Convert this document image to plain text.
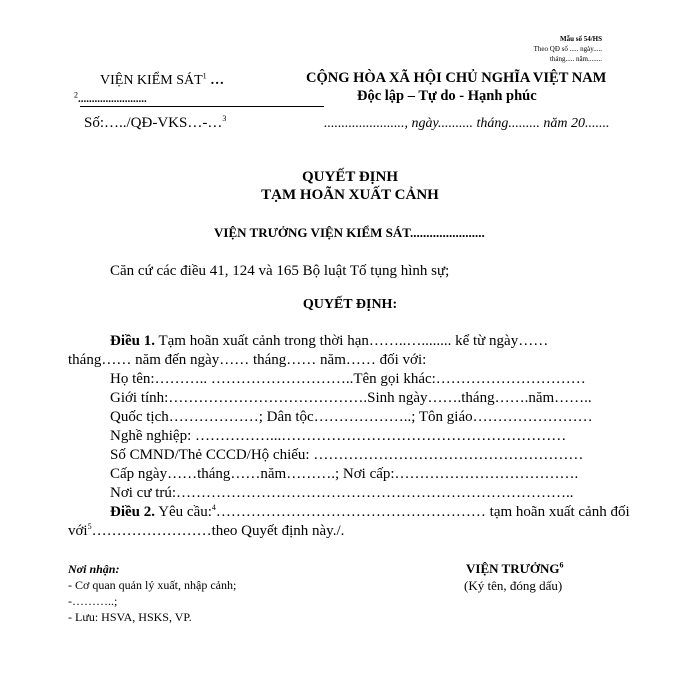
Mẫu số 54/HS
Theo QĐ số ..... ngày.....
tháng..... năm........
VIỆN KIỂM SÁT$^1$ …
$^2$.........................
Số:…../QĐ-VKS…-…$^3$
CỘNG HÒA XÃ HỘI CHỦ NGHĨA VIỆT NAM
Độc lập – Tự do - Hạnh phúc
......................., ngày.......... tháng......... năm 20.......
QUYẾT ĐỊNH
TẠM HOÃN XUẤT CẢNH
VIỆN TRƯỞNG VIỆN KIỂM SÁT.......................
Căn cứ các điều 41, 124 và 165 Bộ luật Tố tụng hình sự;
QUYẾT ĐỊNH:
Điều 1. Tạm hoãn xuất cảnh trong thời hạn……..…........ kể từ ngày……
tháng…… năm đến ngày…… tháng…… năm…… đối với:
Họ tên:……….. ………………………..Tên gọi khác:…………………………
Giới tính:………………………………….Sinh ngày…….tháng…….năm……..
Quốc tịch………………; Dân tộc………………..; Tôn giáo……………………
Nghề nghiệp: ……………...…………………………………………………
Số CMND/Thẻ CCCD/Hộ chiếu: ………………………………………………
Cấp ngày……tháng……năm……….; Nơi cấp:……………………………….
Nơi cư trú:……………………………………………………………………..
Điều 2. Yêu cầu:$^4$……………………………………………… tạm hoãn xuất cảnh đối
với$^5$……………………theo Quyết định này./.
Nơi nhận:
- Cơ quan quản lý xuất, nhập cảnh;
-………..;
- Lưu: HSVA, HSKS, VP.
VIỆN TRƯỞNG$^6$
(Ký tên, đóng dấu)
